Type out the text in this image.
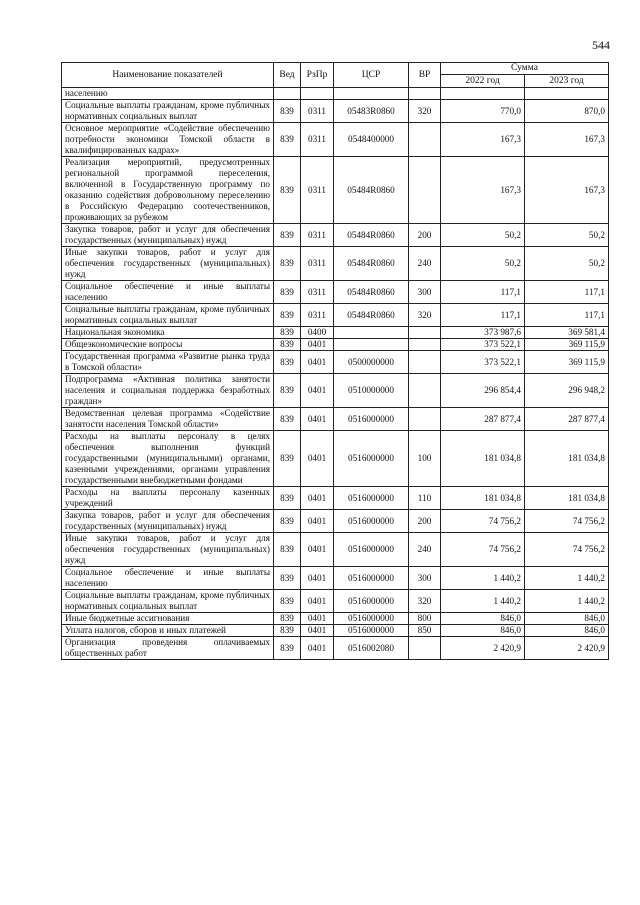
544
Наименование показателей	Вед	РзПр	ЦСР	ВР	Сумма	
					2022 год	2023 год
населению						
Социальные выплаты гражданам, кроме публичных нормативных социальных выплат	839	0311	05483R0860	320	770,0	870,0
Основное мероприятие «Содействие обеспечению потребности экономики Томской области в квалифицированных кадрах»	839	0311	0548400000		167,3	167,3
Реализация мероприятий, предусмотренных региональной программой переселения, включенной в Государственную программу по оказанию содействия добровольному переселению в Российскую Федерацию соотечественников, проживающих за рубежом	839	0311	05484R0860		167,3	167,3
Закупка товаров, работ и услуг для обеспечения государственных (муниципальных) нужд	839	0311	05484R0860	200	50,2	50,2
Иные закупки товаров, работ и услуг для обеспечения государственных (муниципальных) нужд	839	0311	05484R0860	240	50,2	50,2
Социальное обеспечение и иные выплаты населению	839	0311	05484R0860	300	117,1	117,1
Социальные выплаты гражданам, кроме публичных нормативных социальных выплат	839	0311	05484R0860	320	117,1	117,1
Национальная экономика	839	0400			373 987,6	369 581,4
Общеэкономические вопросы	839	0401			373 522,1	369 115,9
Государственная программа «Развитие рынка труда в Томской области»	839	0401	0500000000		373 522,1	369 115,9
Подпрограмма «Активная политика занятости населения и социальная поддержка безработных граждан»	839	0401	0510000000		296 854,4	296 948,2
Ведомственная целевая программа «Содействие занятости населения Томской области»	839	0401	0516000000		287 877,4	287 877,4
Расходы на выплаты персоналу в целях обеспечения выполнения функций государственными (муниципальными) органами, казенными учреждениями, органами управления государственными внебюджетными фондами	839	0401	0516000000	100	181 034,8	181 034,8
Расходы на выплаты персоналу казенных учреждений	839	0401	0516000000	110	181 034,8	181 034,8
Закупка товаров, работ и услуг для обеспечения государственных (муниципальных) нужд	839	0401	0516000000	200	74 756,2	74 756,2
Иные закупки товаров, работ и услуг для обеспечения государственных (муниципальных) нужд	839	0401	0516000000	240	74 756,2	74 756,2
Социальное обеспечение и иные выплаты населению	839	0401	0516000000	300	1 440,2	1 440,2
Социальные выплаты гражданам, кроме публичных нормативных социальных выплат	839	0401	0516000000	320	1 440,2	1 440,2
Иные бюджетные ассигнования	839	0401	0516000000	800	846,0	846,0
Уплата налогов, сборов и иных платежей	839	0401	0516000000	850	846,0	846,0
Организация проведения оплачиваемых общественных работ	839	0401	0516002080		2 420,9	2 420,9
